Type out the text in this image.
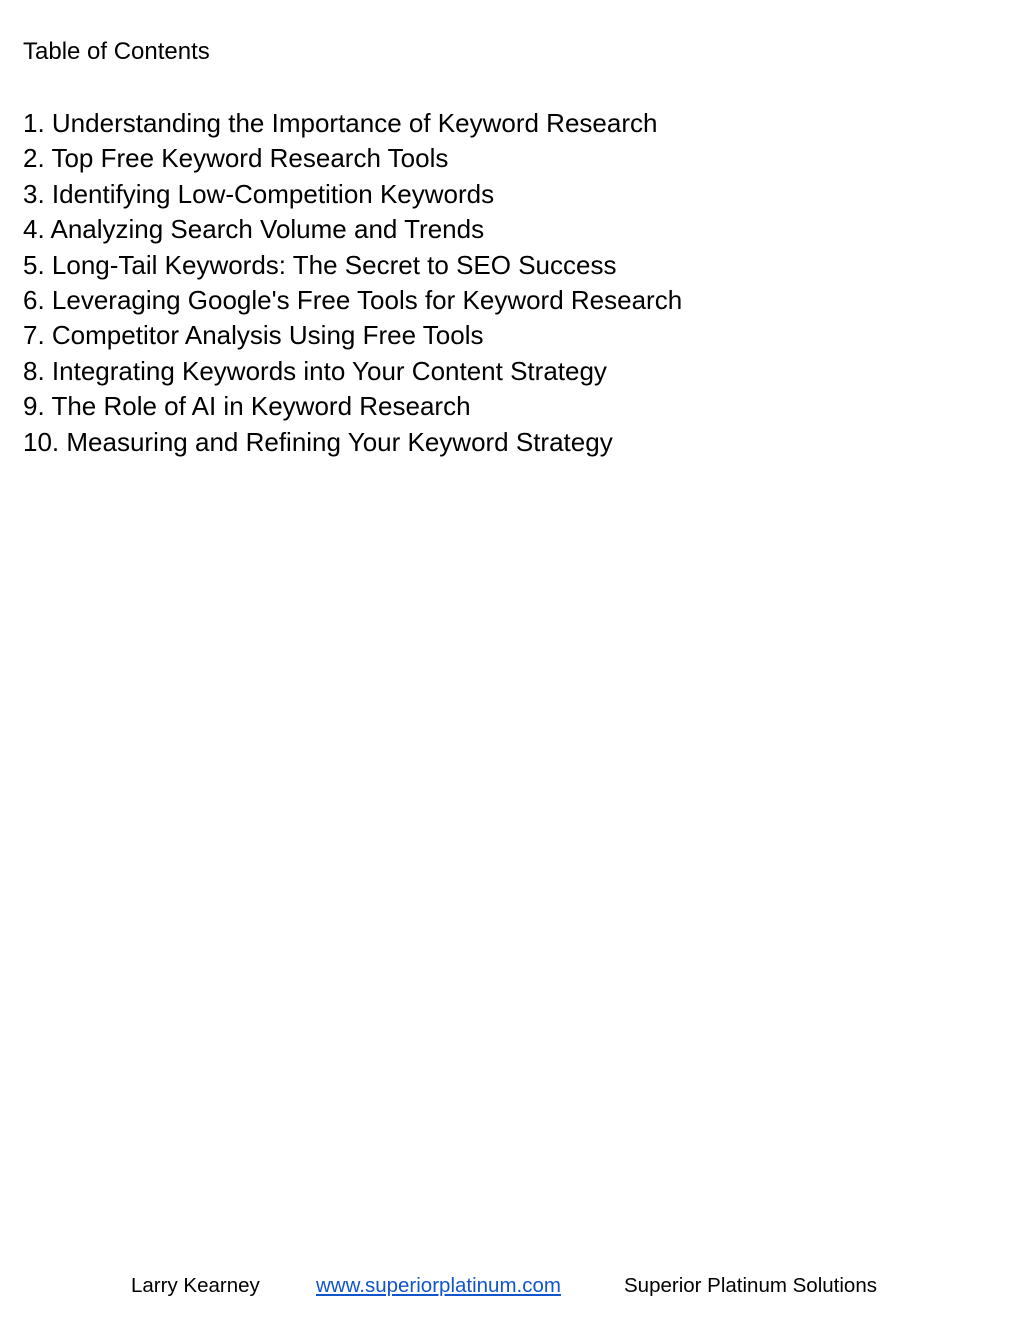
Table of Contents
1. Understanding the Importance of Keyword Research
2. Top Free Keyword Research Tools
3. Identifying Low-Competition Keywords
4. Analyzing Search Volume and Trends
5. Long-Tail Keywords: The Secret to SEO Success
6. Leveraging Google's Free Tools for Keyword Research
7. Competitor Analysis Using Free Tools
8. Integrating Keywords into Your Content Strategy
9. The Role of AI in Keyword Research
10. Measuring and Refining Your Keyword Strategy
Larry Kearney	www.superiorplatinum.com	Superior Platinum Solutions
